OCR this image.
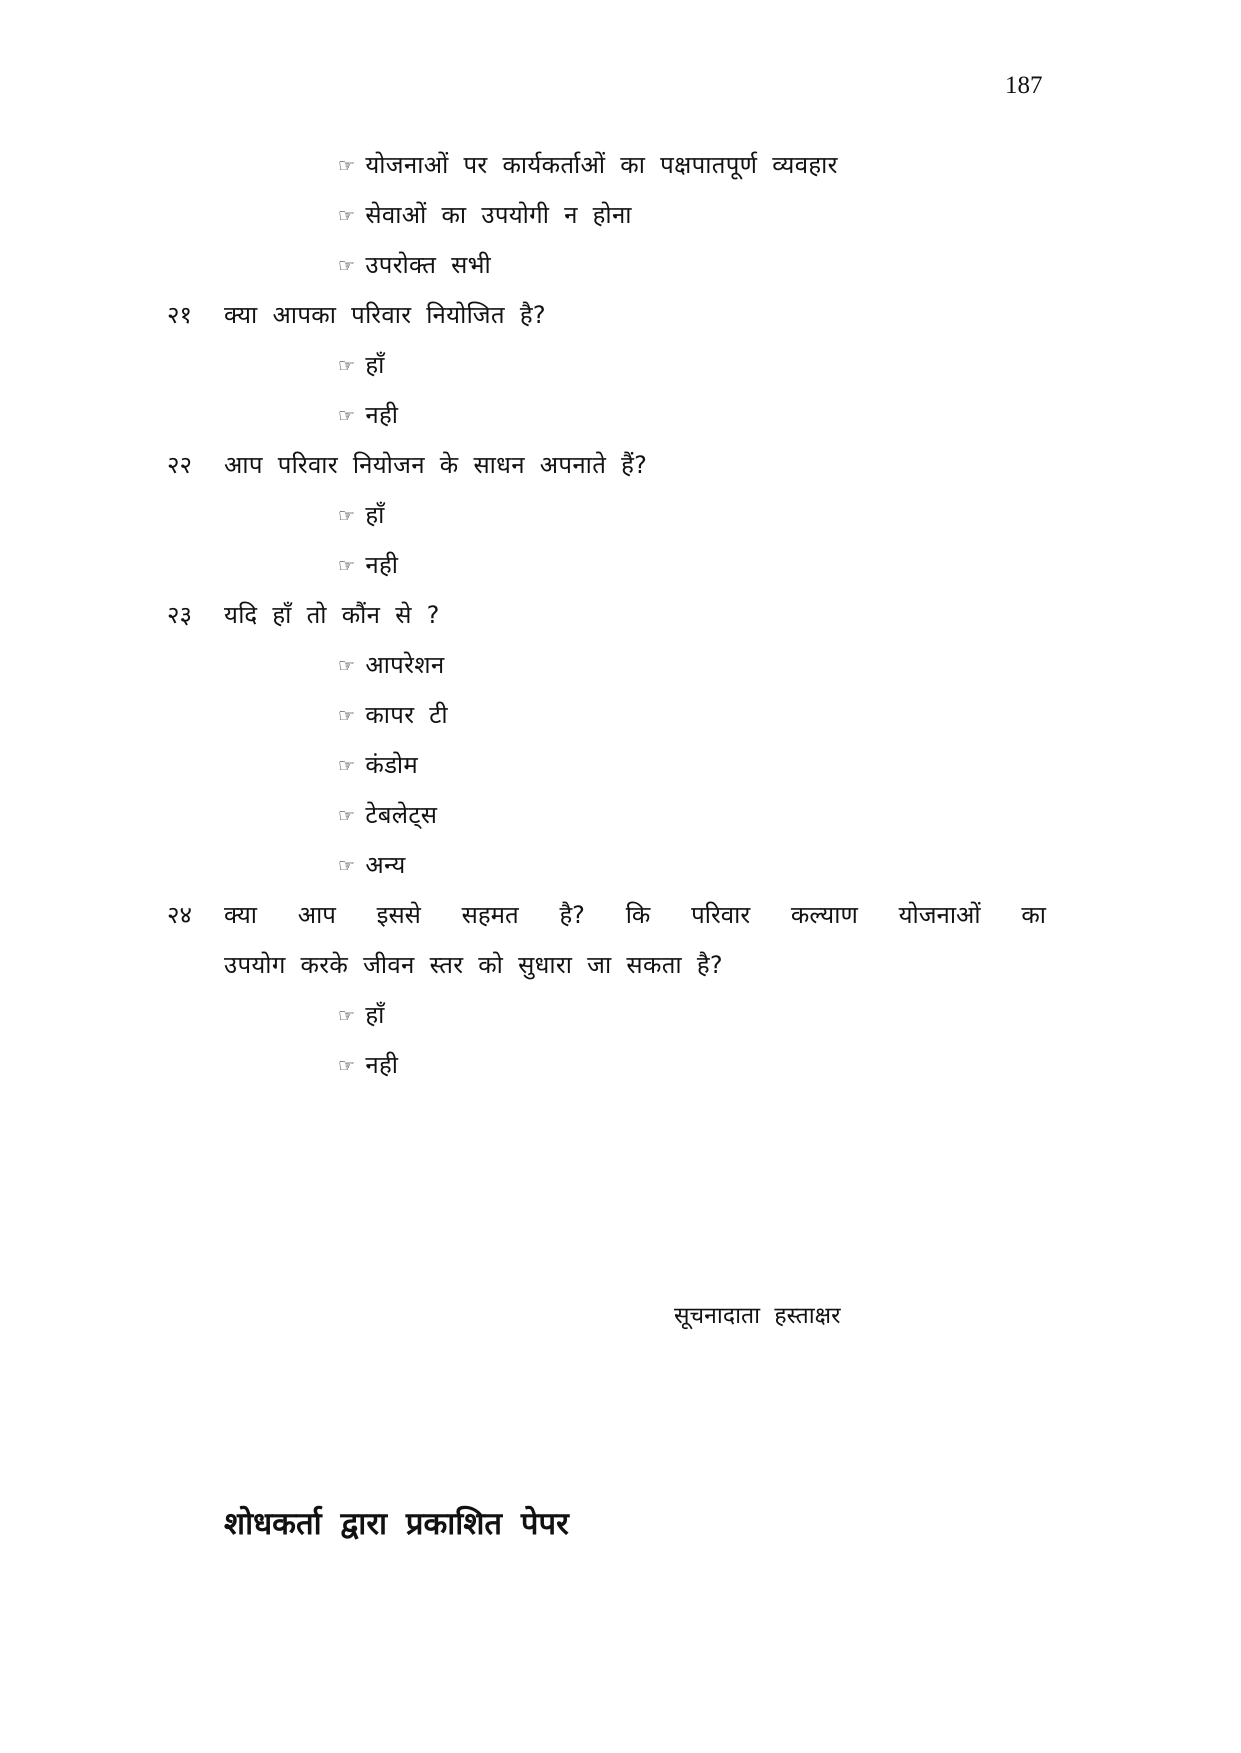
187
☞ योजनाओं पर कार्यकर्ताओं का पक्षपातपूर्ण व्यवहार
☞ सेवाओं का उपयोगी न होना
☞ उपरोक्त सभी
२१ क्या आपका परिवार नियोजित है?
☞ हाँ
☞ नही
२२ आप परिवार नियोजन के साधन अपनाते हैं?
☞ हाँ
☞ नही
२३ यदि हाँ तो कौंन से ?
☞ आपरेशन
☞ कापर टी
☞ कंडोम
☞ टेबलेट्स
☞ अन्य
२४ क्या आप इससे सहमत है? कि परिवार कल्याण योजनाओं का
उपयोग करके जीवन स्तर को सुधारा जा सकता है?
☞ हाँ
☞ नही
सूचनादाता हस्ताक्षर
शोधकर्ता द्वारा प्रकाशित पेपर
